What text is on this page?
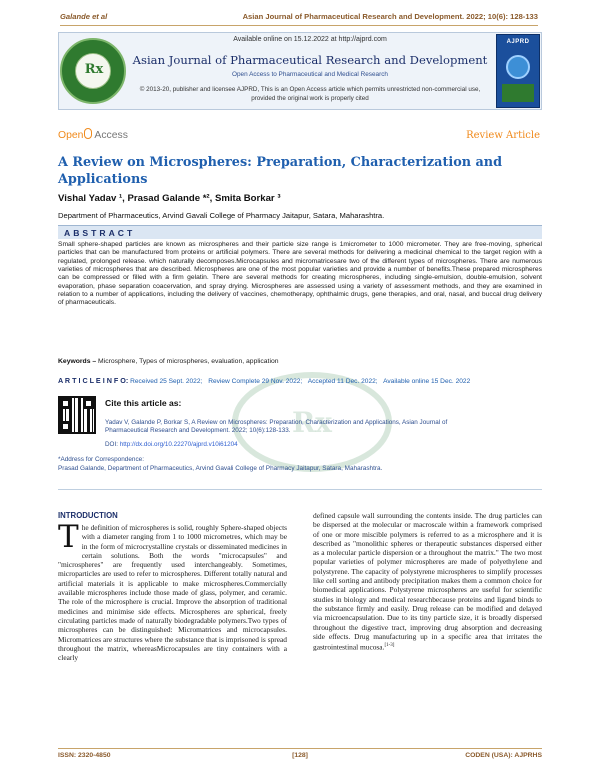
Galande et al	Asian Journal of Pharmaceutical Research and Development. 2022; 10(6): 128-133
Rx
AJPRD
Available online on 15.12.2022 at http://ajprd.com
Asian Journal of Pharmaceutical Research and Development
Open Access to Pharmaceutical and Medical Research
© 2013-20, publisher and licensee AJPRD, This is an Open Access article which permits unrestricted non-commercial use, provided the original work is properly cited
Open Access	Review Article
A Review on Microspheres: Preparation, Characterization and Applications
Vishal Yadav ¹, Prasad Galande *², Smita Borkar ³
Department of Pharmaceutics, Arvind Gavali College of Pharmacy Jaitapur, Satara, Maharashtra.
ABSTRACT
Small sphere-shaped particles are known as microspheres and their particle size range is 1micrometer to 1000 micrometer. They are free-moving, spherical particles that can be manufactured from proteins or artificial polymers. There are several methods for delivering a medicinal chemical to the target region with a regulated, prolonged release. which naturally decomposes.Microcapsules and micromatricesare two of the different types of microspheres. There are numerous varieties of microspheres that are described. Microspheres are one of the most popular varieties and provide a number of benefits.These prepared microspheres can be compressed or filled with a firm gelatin. There are several methods for creating microspheres, including single-emulsion, double-emulsion, solvent evaporation, phase separation coacervation, and spray drying. Microspheres are assessed using a variety of assessment methods, and they are examined in relation to a number of applications, including the delivery of vaccines, chemotherapy, ophthalmic drugs, gene therapies, and oral, nasal, and buccal drug delivery of pharmaceuticals.
Keywords – Microsphere, Types of microspheres, evaluation, application
Rx
A R T I C L E I N F O: Received 25 Sept. 2022; Review Complete 29 Nov. 2022; Accepted 11 Dec. 2022; Available online 15 Dec. 2022
Cite this article as:
Yadav V, Galande P, Borkar S, A Review on Microspheres: Preparation, Characterization and Applications, Asian Journal of Pharmaceutical Research and Development. 2022; 10(6):128-133.
DOI: http://dx.doi.org/10.22270/ajprd.v10i61204
*Address for Correspondence:
Prasad Galande, Department of Pharmaceutics, Arvind Gavali College of Pharmacy Jaitapur, Satara, Maharashtra.
INTRODUCTION
The definition of microspheres is solid, roughly Sphere-shaped objects with a diameter ranging from 1 to 1000 micrometres, which may be in the form of microcrystalline crystals or disseminated medicines in certain solutions. Both the words "microcapsules" and "microspheres" are frequently used interchangeably. Sometimes, microparticles are used to refer to microspheres. Different totally natural and artificial materials it is applicable to make microspheres.Commercially available microspheres include those made of glass, polymer, and ceramic. The role of the microsphere is crucial. Improve the absorption of traditional medicines and minimise side effects. Microspheres are spherical, freely circulating particles made of naturally biodegradable polymers.Two types of microspheres can be distinguished: Micromatrices and microcapsules. Micromatrices are structures where the substance that is imprisoned is spread throughout the matrix, whereasMicrocapsules are tiny containers with a clearly
defined capsule wall surrounding the contents inside. The drug particles can be dispersed at the molecular or macroscale within a framework comprised of one or more miscible polymers is referred to as a microsphere and it is described as "monolithic spheres or therapeutic substances dispersed either as a molecular particle dispersion or a throughout the matrix." The two most popular varieties of polymer microspheres are made of polyethylene and polystyrene. The capacity of polystyrene microspheres to simplify processes like cell sorting and antibody precipitation makes them a common choice for biomedical applications. Polystyrene microspheres are useful for scientific studies in biology and medical researchbecause proteins and ligand binds to the substance firmly and easily. Drug release can be modified and delayed via microencapsulation. Due to its tiny particle size, it is broadly dispersed throughout the digestive tract, improving drug absorption and decreasing side effects. Drug manufacturing up in a specific area that irritates the gastrointestinal mucosa.[1-3]
ISSN: 2320-4850	[128]	CODEN (USA): AJPRHS
